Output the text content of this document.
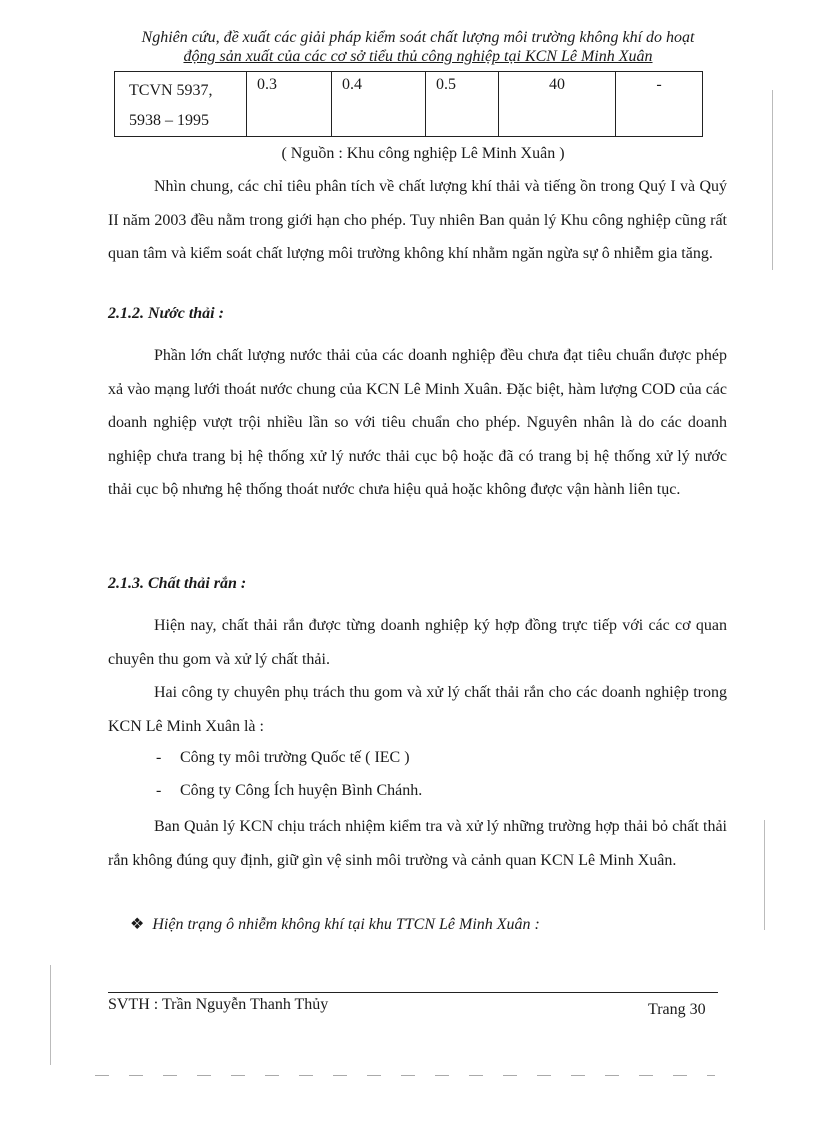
Nghiên cứu, đề xuất các giải pháp kiểm soát chất lượng môi trường không khí do hoạt
động sản xuất của các cơ sở tiểu thủ công nghiệp tại KCN Lê Minh Xuân
TCVN 5937,
5938 – 1995
	0.3	0.4	0.5	40	-
( Nguồn : Khu công nghiệp Lê Minh Xuân )

Nhìn chung, các chỉ tiêu phân tích về chất lượng khí thải và tiếng ồn trong Quý I và Quý II năm 2003 đều nằm trong giới hạn cho phép. Tuy nhiên Ban quản lý Khu công nghiệp cũng rất quan tâm và kiểm soát chất lượng môi trường không khí nhằm ngăn ngừa sự ô nhiễm gia tăng.

2.1.2. Nước thải :

Phần lớn chất lượng nước thải của các doanh nghiệp đều chưa đạt tiêu chuẩn được phép xả vào mạng lưới thoát nước chung của KCN Lê Minh Xuân. Đặc biệt, hàm lượng COD của các doanh nghiệp vượt trội nhiều lần so với tiêu chuẩn cho phép. Nguyên nhân là do các doanh nghiệp chưa trang bị hệ thống xử lý nước thải cục bộ hoặc đã có trang bị hệ thống xử lý nước thải cục bộ nhưng hệ thống thoát nước chưa hiệu quả hoặc không được vận hành liên tục.

2.1.3. Chất thải rắn :

Hiện nay, chất thải rắn được từng doanh nghiệp ký hợp đồng trực tiếp với các cơ quan chuyên thu gom và xử lý chất thải.

Hai công ty chuyên phụ trách thu gom và xử lý chất thải rắn cho các doanh nghiệp trong KCN Lê Minh Xuân là :

- Công ty môi trường Quốc tế ( IEC )
- Công ty Công Ích huyện Bình Chánh.

Ban Quản lý KCN chịu trách nhiệm kiểm tra và xử lý những trường hợp thải bỏ chất thải rắn không đúng quy định, giữ gìn vệ sinh môi trường và cảnh quan KCN Lê Minh Xuân.

❖ Hiện trạng ô nhiễm không khí tại khu TTCN Lê Minh Xuân :
SVTH : Trần Nguyễn Thanh Thủy	Trang 30
